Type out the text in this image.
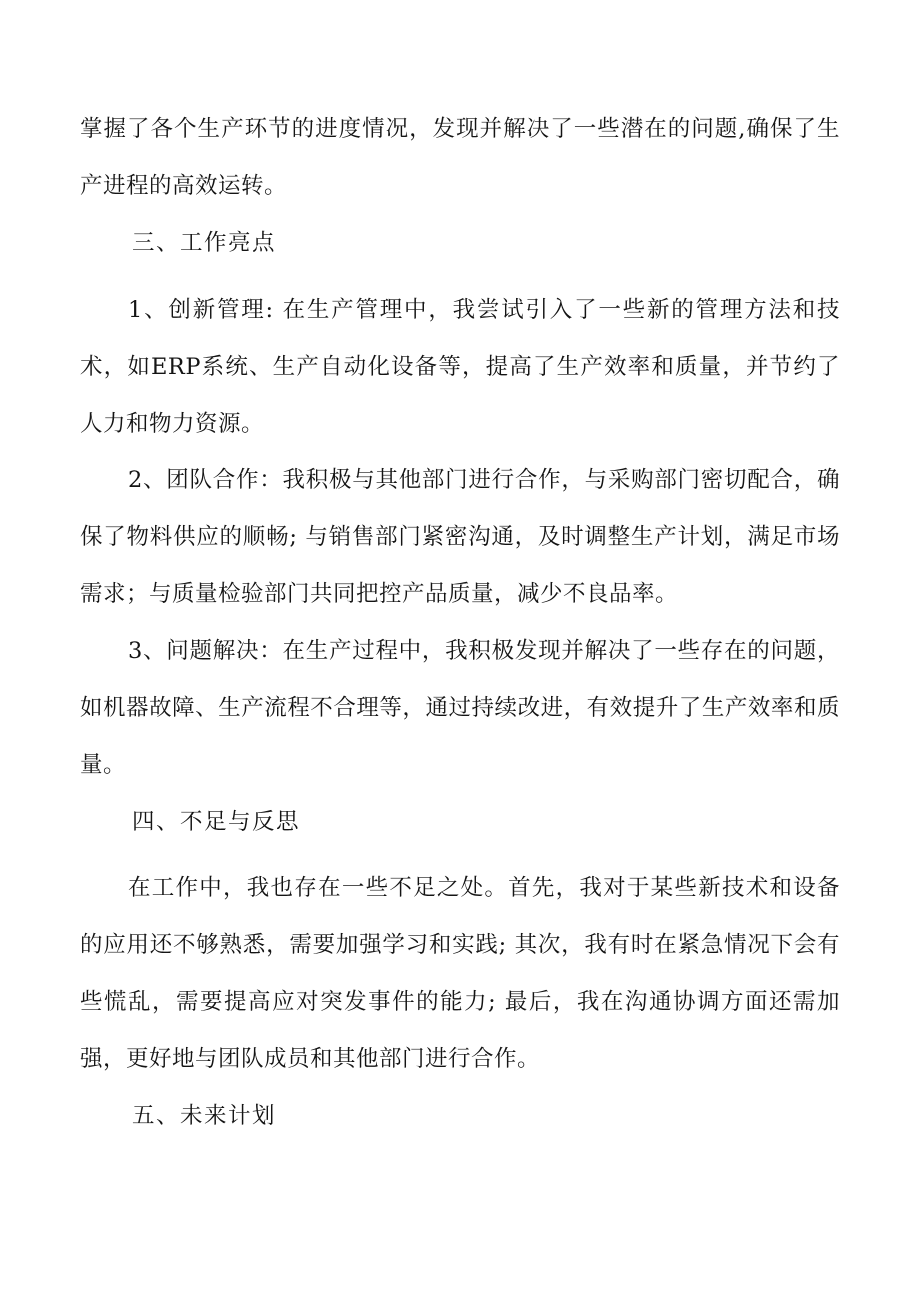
掌握了各个生产环节的进度情况，发现并解决了一些潜在的问题,确保了生产进程的高效运转。

三、工作亮点

1、创新管理: 在生产管理中，我尝试引入了一些新的管理方法和技术，如ERP系统、生产自动化设备等，提高了生产效率和质量，并节约了人力和物力资源。

2、团队合作：我积极与其他部门进行合作，与采购部门密切配合，确保了物料供应的顺畅; 与销售部门紧密沟通，及时调整生产计划，满足市场需求；与质量检验部门共同把控产品质量，减少不良品率。

3、问题解决：在生产过程中，我积极发现并解决了一些存在的问题，如机器故障、生产流程不合理等，通过持续改进，有效提升了生产效率和质量。

四、不足与反思

在工作中，我也存在一些不足之处。首先，我对于某些新技术和设备的应用还不够熟悉，需要加强学习和实践; 其次，我有时在紧急情况下会有些慌乱，需要提高应对突发事件的能力; 最后，我在沟通协调方面还需加强，更好地与团队成员和其他部门进行合作。

五、未来计划
